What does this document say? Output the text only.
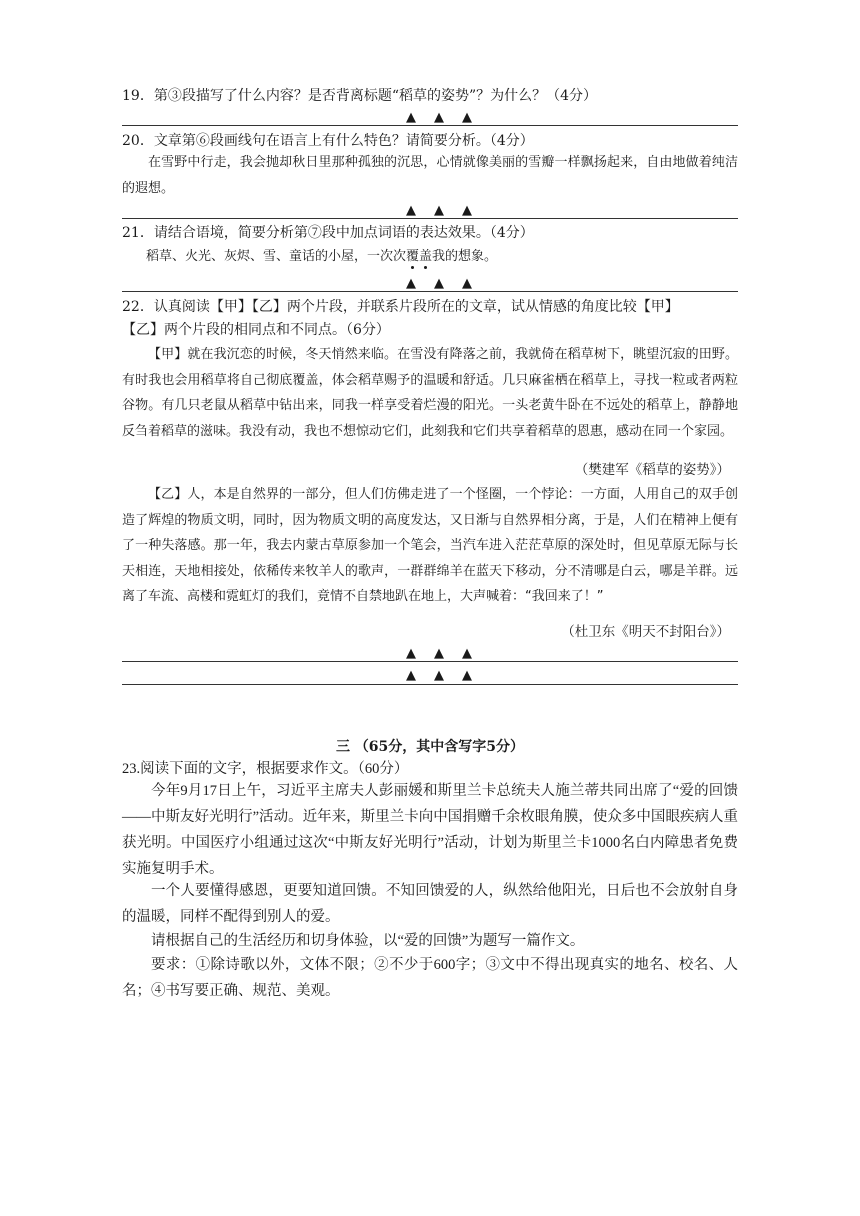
19．第③段描写了什么内容？是否背离标题“稻草的姿势”？为什么？（4分）
▲▲▲
20．文章第⑥段画线句在语言上有什么特色？请简要分析。（4分）
在雪野中行走，我会抛却秋日里那种孤独的沉思，心情就像美丽的雪瓣一样飘扬起来，自由地做着纯洁的遐想。
▲▲▲
21．请结合语境，简要分析第⑦段中加点词语的表达效果。（4分）
稻草、火光、灰烬、雪、童话的小屋，一次次覆盖我的想象。
▲▲▲
22．认真阅读【甲】【乙】两个片段，并联系片段所在的文章，试从情感的角度比较【甲】
【乙】两个片段的相同点和不同点。（6分）
【甲】就在我沉恋的时候，冬天悄然来临。在雪没有降落之前，我就倚在稻草树下，眺望沉寂的田野。有时我也会用稻草将自己彻底覆盖，体会稻草赐予的温暖和舒适。几只麻雀栖在稻草上，寻找一粒或者两粒谷物。有几只老鼠从稻草中钻出来，同我一样享受着烂漫的阳光。一头老黄牛卧在不远处的稻草上，静静地反刍着稻草的滋味。我没有动，我也不想惊动它们，此刻我和它们共享着稻草的恩惠，感动在同一个家园。
（樊建军《稻草的姿势》）
【乙】人，本是自然界的一部分，但人们仿佛走进了一个怪圈，一个悖论：一方面，人用自己的双手创造了辉煌的物质文明，同时，因为物质文明的高度发达，又日渐与自然界相分离，于是，人们在精神上便有了一种失落感。那一年，我去内蒙古草原参加一个笔会，当汽车进入茫茫草原的深处时，但见草原无际与长天相连，天地相接处，依稀传来牧羊人的歌声，一群群绵羊在蓝天下移动，分不清哪是白云，哪是羊群。远离了车流、高楼和霓虹灯的我们，竟情不自禁地趴在地上，大声喊着：“我回来了！”
（杜卫东《明天不封阳台》）
▲▲▲
▲▲▲
三 （65分，其中含写字5分）
23.阅读下面的文字，根据要求作文。（60分）
今年9月17日上午，习近平主席夫人彭丽媛和斯里兰卡总统夫人施兰蒂共同出席了“爱的回馈——中斯友好光明行”活动。近年来，斯里兰卡向中国捐赠千余枚眼角膜，使众多中国眼疾病人重获光明。中国医疗小组通过这次“中斯友好光明行”活动，计划为斯里兰卡1000名白内障患者免费实施复明手术。
一个人要懂得感恩，更要知道回馈。不知回馈爱的人，纵然给他阳光，日后也不会放射自身的温暖，同样不配得到别人的爱。
请根据自己的生活经历和切身体验，以“爱的回馈”为题写一篇作文。
要求：①除诗歌以外，文体不限；②不少于600字；③文中不得出现真实的地名、校名、人名；④书写要正确、规范、美观。
